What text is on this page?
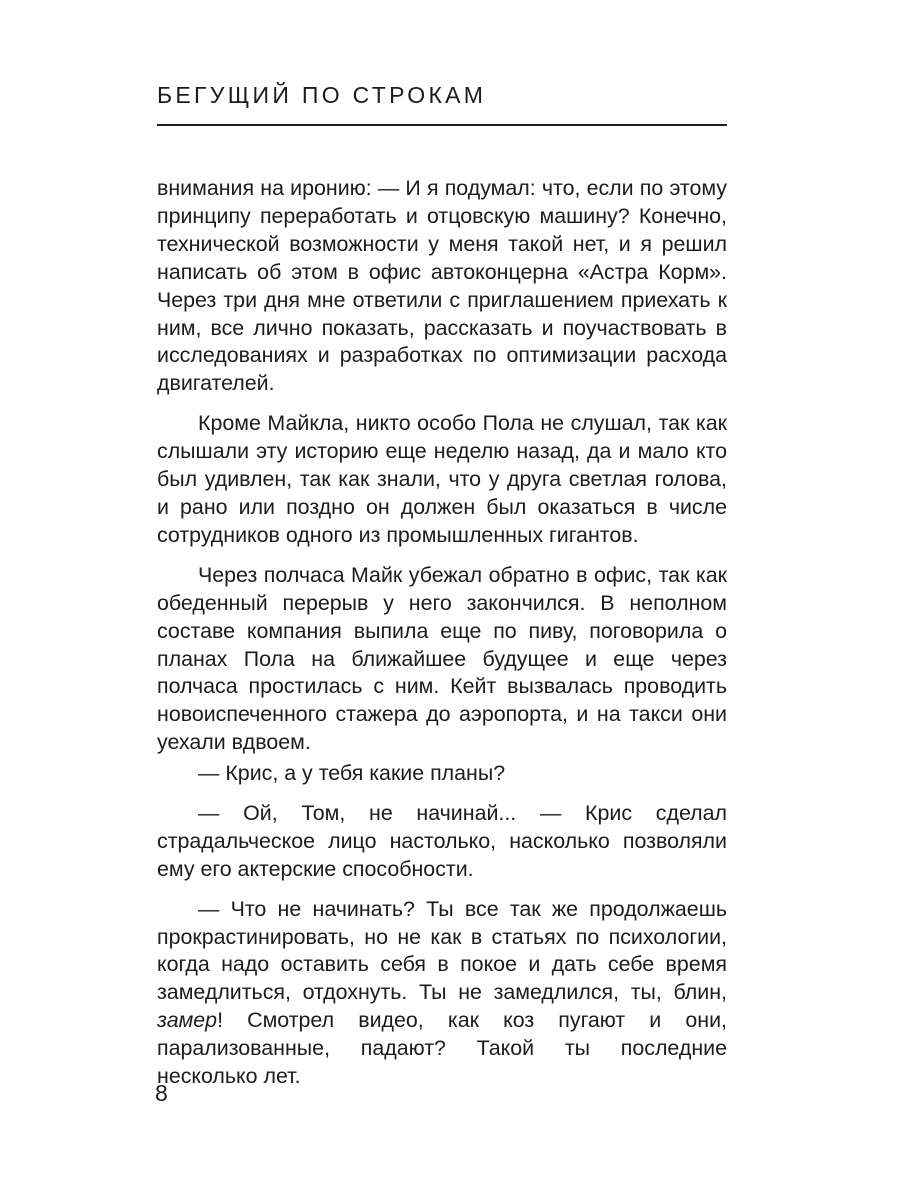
БЕГУЩИЙ ПО СТРОКАМ

внимания на иронию: — И я подумал: что, если по этому принципу переработать и отцовскую машину? Конечно, технической возможности у меня такой нет, и я решил написать об этом в офис автоконцерна «Астра Корм». Через три дня мне ответили с приглашением приехать к ним, все лично показать, рассказать и поучаствовать в исследованиях и разработках по оптимизации расхода двигателей.

Кроме Майкла, никто особо Пола не слушал, так как слышали эту историю еще неделю назад, да и мало кто был удивлен, так как знали, что у друга светлая голова, и рано или поздно он должен был оказаться в числе сотрудников одного из промышленных гигантов.

Через полчаса Майк убежал обратно в офис, так как обеденный перерыв у него закончился. В неполном составе компания выпила еще по пиву, поговорила о планах Пола на ближайшее будущее и еще через полчаса простилась с ним. Кейт вызвалась проводить новоиспеченного стажера до аэропорта, и на такси они уехали вдвоем.

— Крис, а у тебя какие планы?

— Ой, Том, не начинай... — Крис сделал страдальческое лицо настолько, насколько позволяли ему его актерские способности.

— Что не начинать? Ты все так же продолжаешь прокрастинировать, но не как в статьях по психологии, когда надо оставить себя в покое и дать себе время замедлиться, отдохнуть. Ты не замедлился, ты, блин, замер! Смотрел видео, как коз пугают и они, парализованные, падают? Такой ты последние несколько лет.

8
